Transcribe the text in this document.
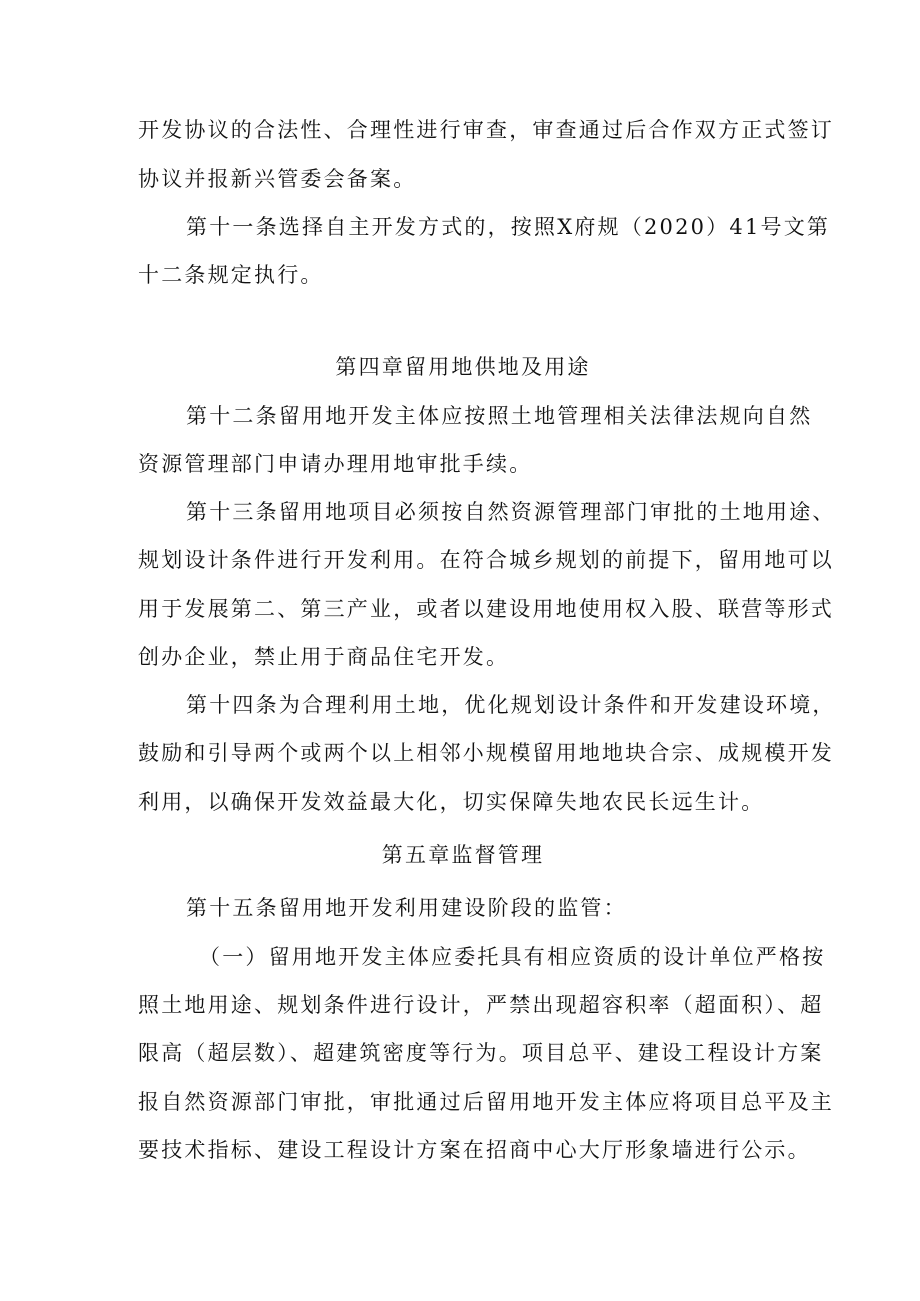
开发协议的合法性、合理性进行审查，审查通过后合作双方正式签订
协议并报新兴管委会备案。
第十一条选择自主开发方式的，按照X府规（2020）41号文第
十二条规定执行。
第四章留用地供地及用途
第十二条留用地开发主体应按照土地管理相关法律法规向自然
资源管理部门申请办理用地审批手续。
第十三条留用地项目必须按自然资源管理部门审批的土地用途、
规划设计条件进行开发利用。在符合城乡规划的前提下，留用地可以
用于发展第二、第三产业，或者以建设用地使用权入股、联营等形式
创办企业，禁止用于商品住宅开发。
第十四条为合理利用土地，优化规划设计条件和开发建设环境，
鼓励和引导两个或两个以上相邻小规模留用地地块合宗、成规模开发
利用，以确保开发效益最大化，切实保障失地农民长远生计。
第五章监督管理
第十五条留用地开发利用建设阶段的监管：
（一）留用地开发主体应委托具有相应资质的设计单位严格按
照土地用途、规划条件进行设计，严禁出现超容积率（超面积）、超
限高（超层数）、超建筑密度等行为。项目总平、建设工程设计方案
报自然资源部门审批，审批通过后留用地开发主体应将项目总平及主
要技术指标、建设工程设计方案在招商中心大厅形象墙进行公示。
